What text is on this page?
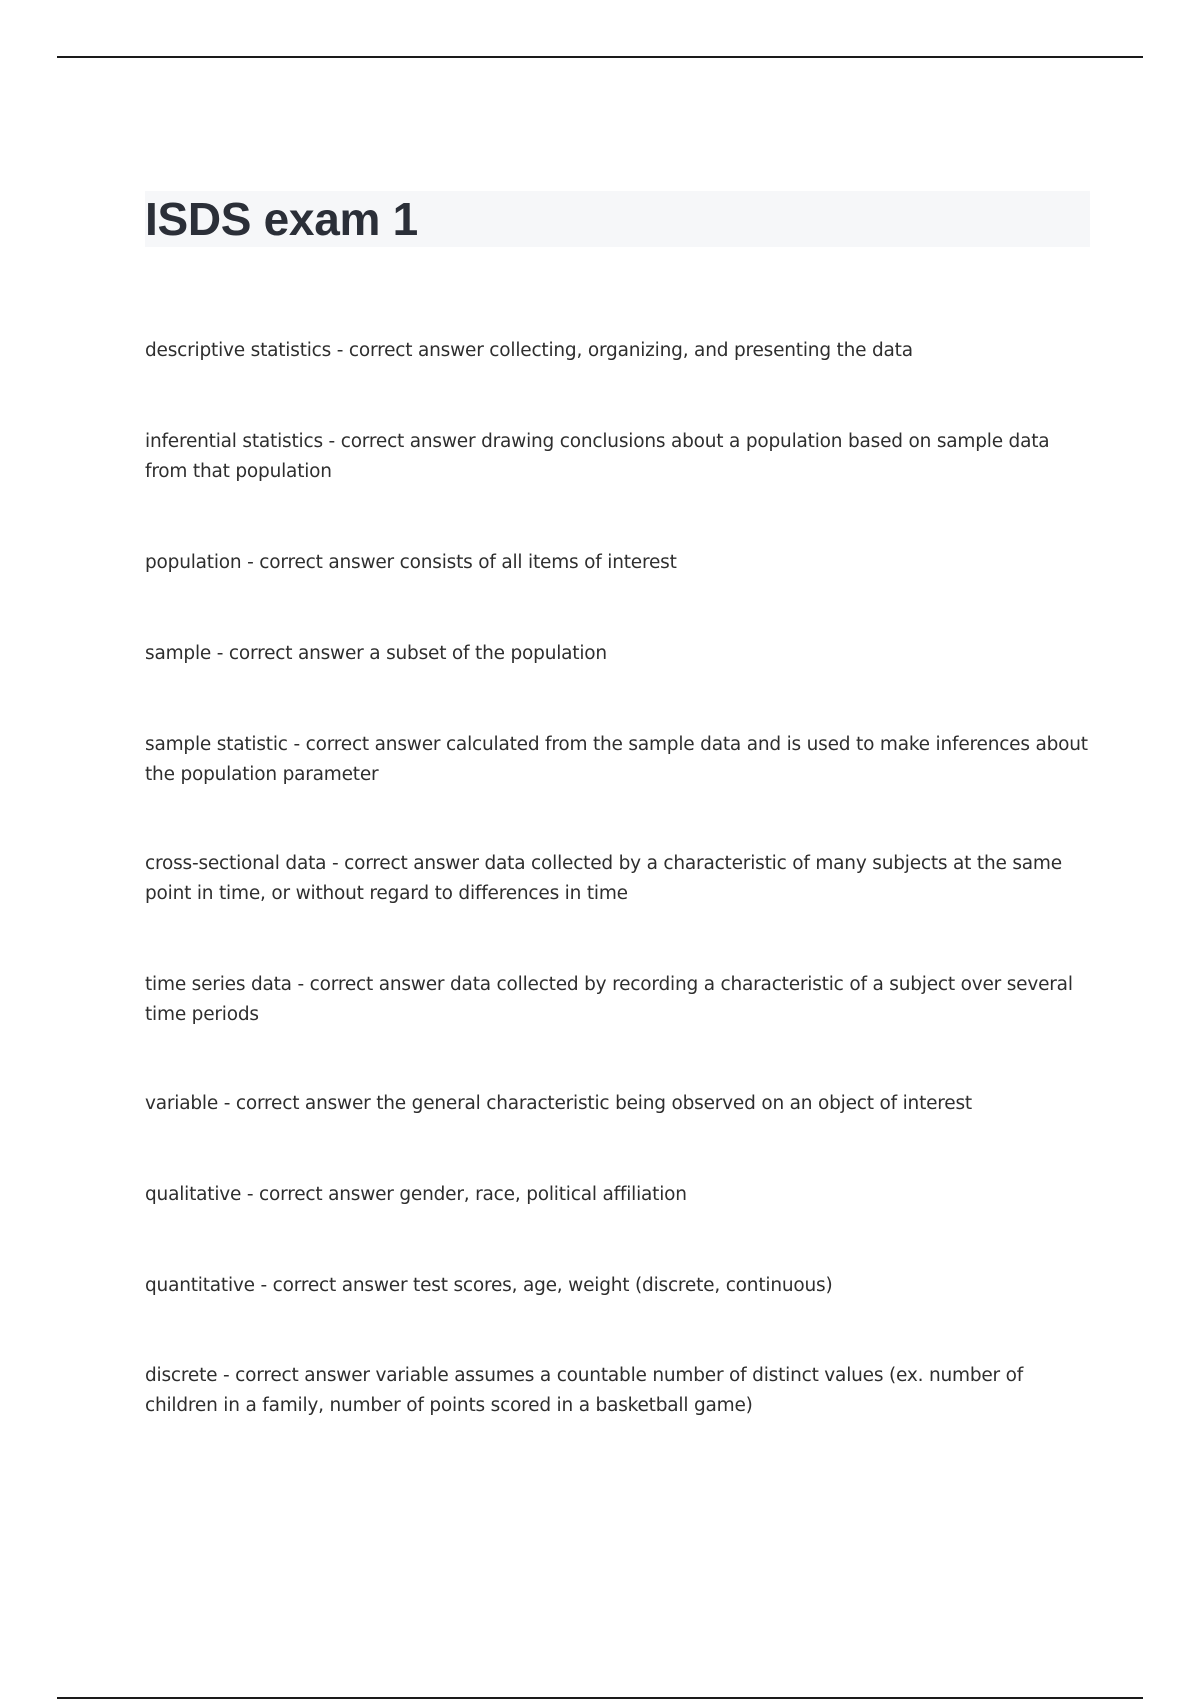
ISDS exam 1
descriptive statistics - correct answer collecting, organizing, and presenting the data
inferential statistics - correct answer drawing conclusions about a population based on sample data from that population
population - correct answer consists of all items of interest
sample - correct answer a subset of the population
sample statistic - correct answer calculated from the sample data and is used to make inferences about the population parameter
cross-sectional data - correct answer data collected by a characteristic of many subjects at the same point in time, or without regard to differences in time
time series data - correct answer data collected by recording a characteristic of a subject over several time periods
variable - correct answer the general characteristic being observed on an object of interest
qualitative - correct answer gender, race, political affiliation
quantitative - correct answer test scores, age, weight (discrete, continuous)
discrete - correct answer variable assumes a countable number of distinct values (ex. number of children in a family, number of points scored in a basketball game)
